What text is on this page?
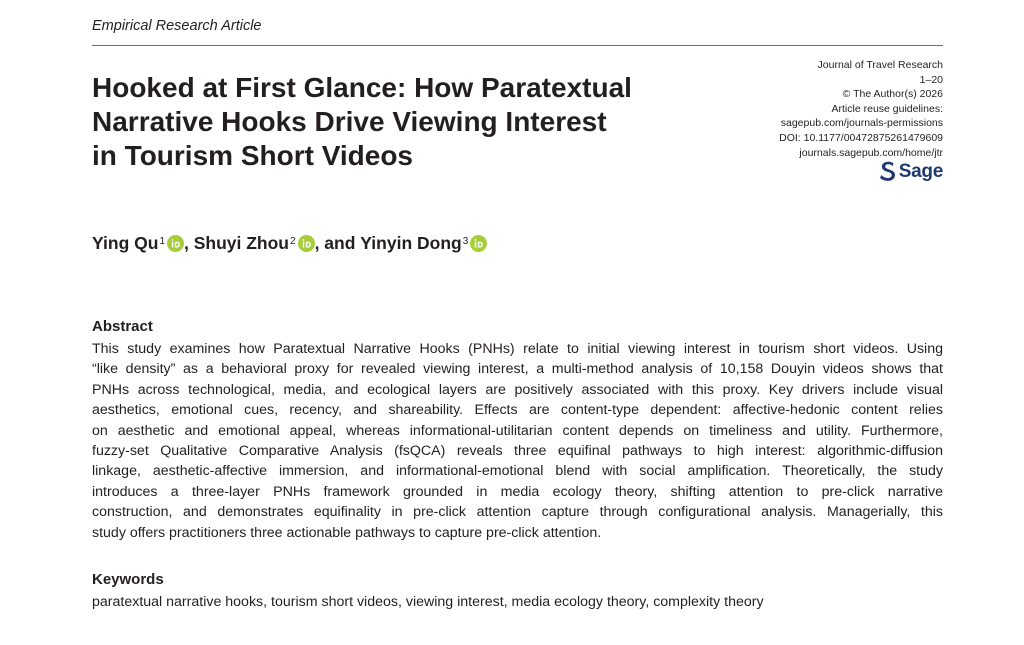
Empirical Research Article
Hooked at First Glance: How Paratextual
Narrative Hooks Drive Viewing Interest
in Tourism Short Videos
Journal of Travel Research
1–20
© The Author(s) 2026
Article reuse guidelines:
sagepub.com/journals-permissions
DOI: 10.1177/00472875261479609
journals.sagepub.com/home/jtr
Sage
Ying Qu$^1$ , Shuyi Zhou$^2$ , and Yinyin Dong$^3$
Abstract
This study examines how Paratextual Narrative Hooks (PNHs) relate to initial viewing interest in tourism short videos. Using
“like density” as a behavioral proxy for revealed viewing interest, a multi-method analysis of 10,158 Douyin videos shows that
PNHs across technological, media, and ecological layers are positively associated with this proxy. Key drivers include visual
aesthetics, emotional cues, recency, and shareability. Effects are content-type dependent: affective-hedonic content relies
on aesthetic and emotional appeal, whereas informational-utilitarian content depends on timeliness and utility. Furthermore,
fuzzy-set Qualitative Comparative Analysis (fsQCA) reveals three equifinal pathways to high interest: algorithmic-diffusion
linkage, aesthetic-affective immersion, and informational-emotional blend with social amplification. Theoretically, the study
introduces a three-layer PNHs framework grounded in media ecology theory, shifting attention to pre-click narrative
construction, and demonstrates equifinality in pre-click attention capture through configurational analysis. Managerially, this
study offers practitioners three actionable pathways to capture pre-click attention.
Keywords
paratextual narrative hooks, tourism short videos, viewing interest, media ecology theory, complexity theory
